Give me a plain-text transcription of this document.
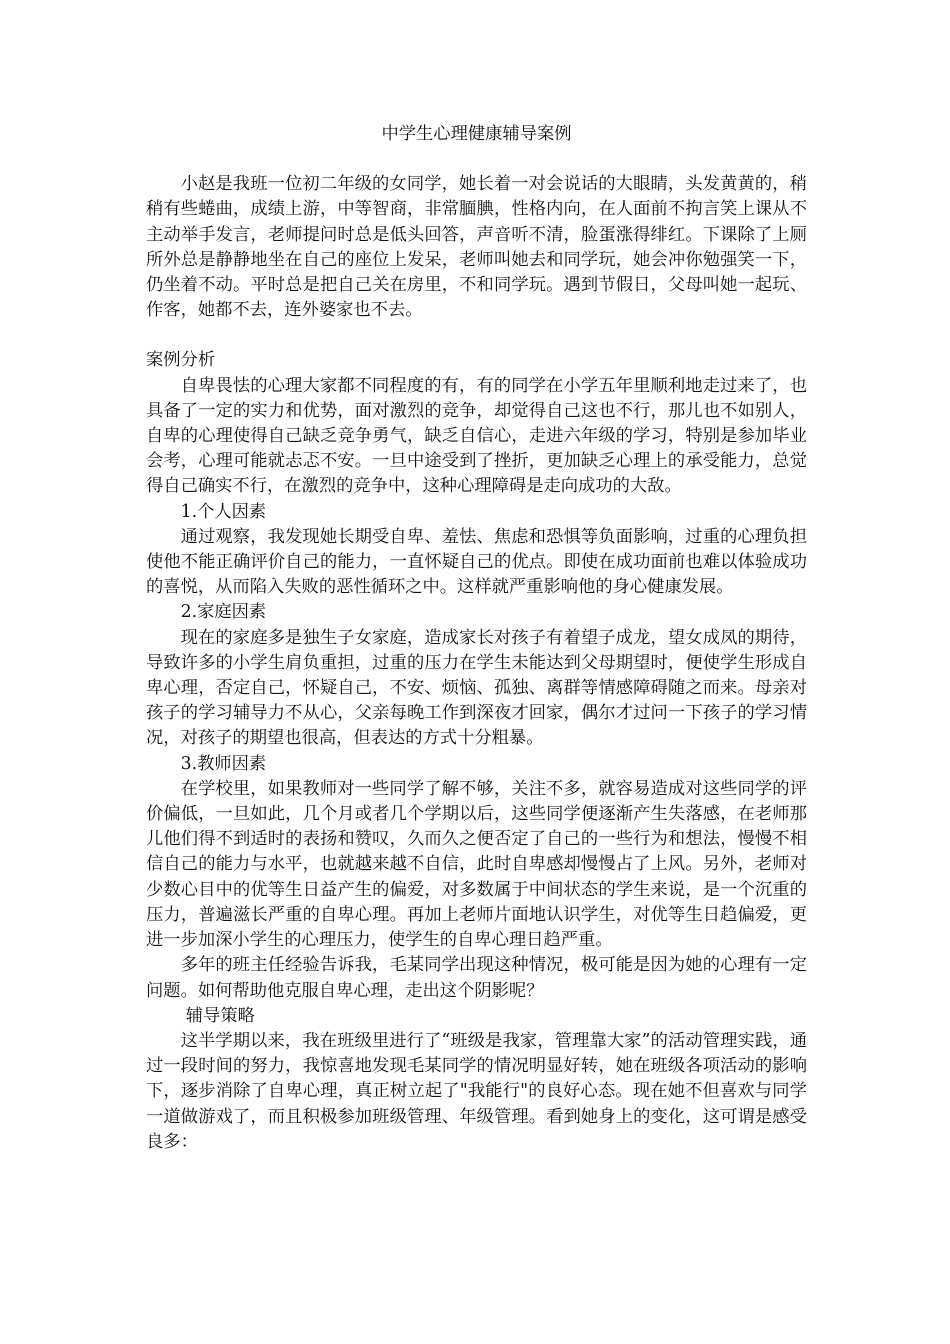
中学生心理健康辅导案例

小赵是我班一位初二年级的女同学，她长着一对会说话的大眼睛，头发黄黄的，稍稍有些蜷曲，成绩上游，中等智商，非常腼腆，性格内向，在人面前不拘言笑上课从不主动举手发言，老师提问时总是低头回答，声音听不清，脸蛋涨得绯红。下课除了上厕所外总是静静地坐在自己的座位上发呆，老师叫她去和同学玩，她会冲你勉强笑一下，仍坐着不动。平时总是把自己关在房里，不和同学玩。遇到节假日，父母叫她一起玩、作客，她都不去，连外婆家也不去。

案例分析

自卑畏怯的心理大家都不同程度的有，有的同学在小学五年里顺利地走过来了，也具备了一定的实力和优势，面对激烈的竞争，却觉得自己这也不行，那儿也不如别人，自卑的心理使得自己缺乏竞争勇气，缺乏自信心，走进六年级的学习，特别是参加毕业会考，心理可能就忐忑不安。一旦中途受到了挫折，更加缺乏心理上的承受能力，总觉得自己确实不行，在激烈的竞争中，这种心理障碍是走向成功的大敌。

1.个人因素

通过观察，我发现她长期受自卑、羞怯、焦虑和恐惧等负面影响，过重的心理负担使他不能正确评价自己的能力，一直怀疑自己的优点。即使在成功面前也难以体验成功的喜悦，从而陷入失败的恶性循环之中。这样就严重影响他的身心健康发展。

2.家庭因素

现在的家庭多是独生子女家庭，造成家长对孩子有着望子成龙，望女成凤的期待，导致许多的小学生肩负重担，过重的压力在学生未能达到父母期望时，便使学生形成自卑心理，否定自己，怀疑自己，不安、烦恼、孤独、离群等情感障碍随之而来。母亲对孩子的学习辅导力不从心，父亲每晚工作到深夜才回家，偶尔才过问一下孩子的学习情况，对孩子的期望也很高，但表达的方式十分粗暴。

3.教师因素

在学校里，如果教师对一些同学了解不够，关注不多，就容易造成对这些同学的评价偏低，一旦如此，几个月或者几个学期以后，这些同学便逐渐产生失落感，在老师那儿他们得不到适时的表扬和赞叹，久而久之便否定了自己的一些行为和想法，慢慢不相信自己的能力与水平，也就越来越不自信，此时自卑感却慢慢占了上风。另外，老师对少数心目中的优等生日益产生的偏爱，对多数属于中间状态的学生来说，是一个沉重的压力，普遍滋长严重的自卑心理。再加上老师片面地认识学生，对优等生日趋偏爱，更进一步加深小学生的心理压力，使学生的自卑心理日趋严重。

多年的班主任经验告诉我，毛某同学出现这种情况，极可能是因为她的心理有一定问题。如何帮助他克服自卑心理，走出这个阴影呢？

辅导策略

这半学期以来，我在班级里进行了“班级是我家，管理靠大家”的活动管理实践，通过一段时间的努力，我惊喜地发现毛某同学的情况明显好转，她在班级各项活动的影响下，逐步消除了自卑心理，真正树立起了"我能行"的良好心态。现在她不但喜欢与同学一道做游戏了，而且积极参加班级管理、年级管理。看到她身上的变化，这可谓是感受良多：
